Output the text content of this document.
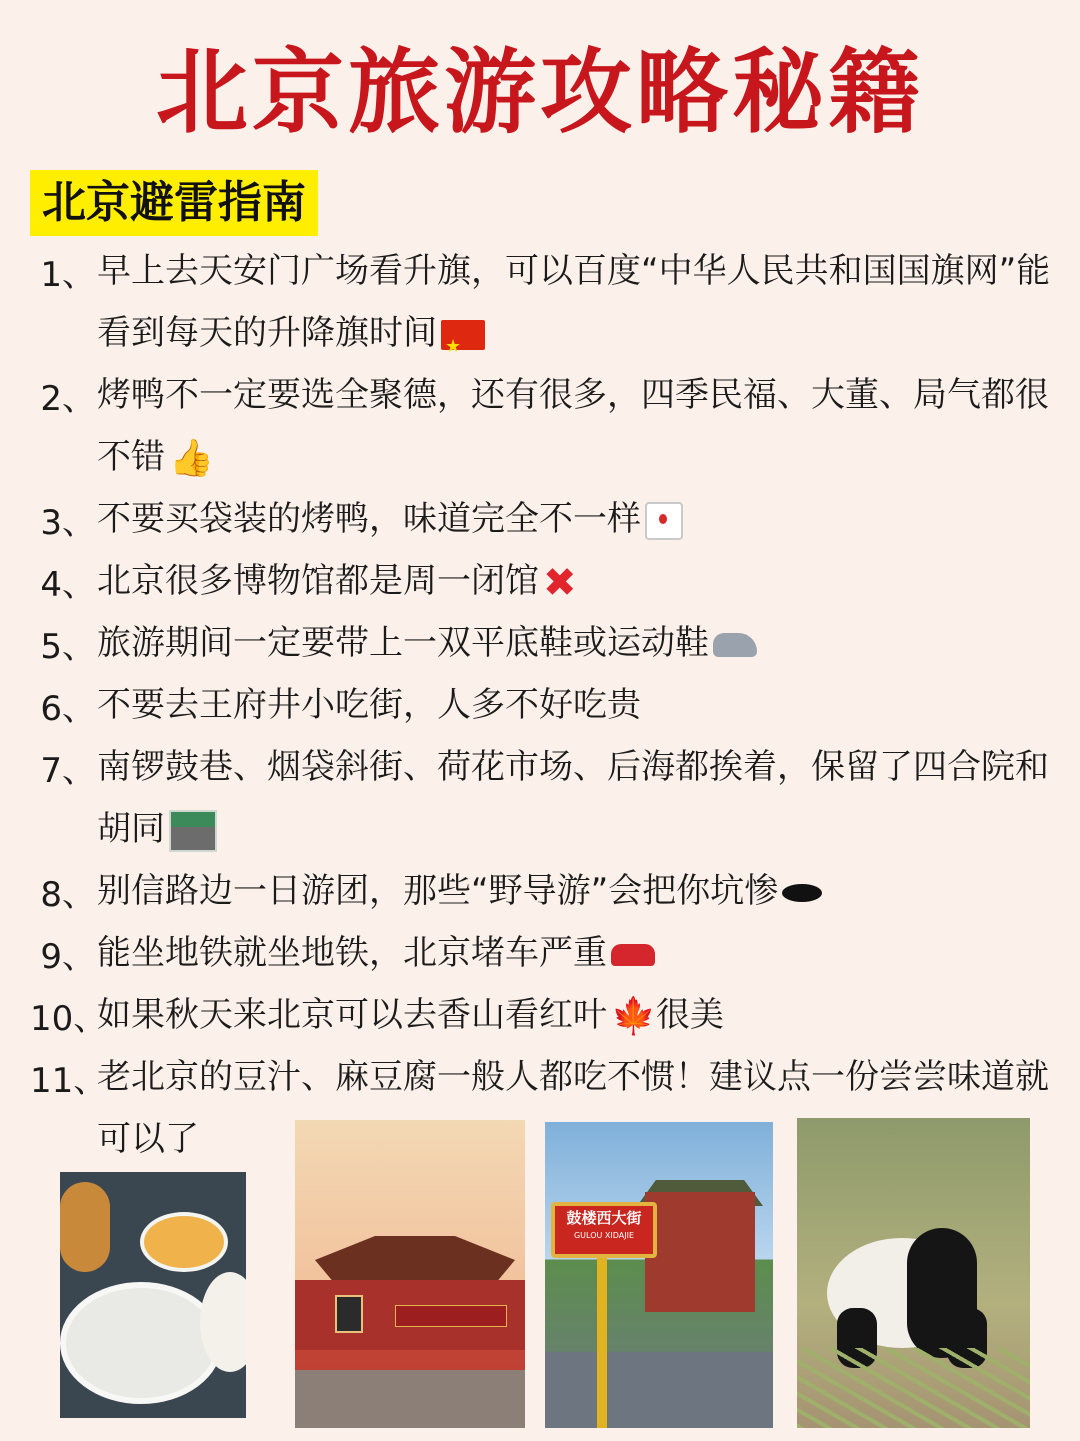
北京旅游攻略秘籍
北京避雷指南
1、 早上去天安门广场看升旗，可以百度“中华人民共和国国旗网”能看到每天的升降旗时间★
2、 烤鸭不一定要选全聚德，还有很多，四季民福、大董、局气都很不错 👍
3、 不要买袋装的烤鸭，味道完全不一样
4、 北京很多博物馆都是周一闭馆 ✖
5、 旅游期间一定要带上一双平底鞋或运动鞋
6、 不要去王府井小吃街，人多不好吃贵
7、 南锣鼓巷、烟袋斜街、荷花市场、后海都挨着，保留了四合院和胡同
8、 别信路边一日游团，那些“野导游”会把你坑惨
9、 能坐地铁就坐地铁，北京堵车严重
10、
如果秋天来北京可以去香山看红叶 🍁很美
11、
老北京的豆汁、麻豆腐一般人都吃不惯！建议点一份尝尝味道就可以了
鼓楼西大街
GULOU XIDAJIE
